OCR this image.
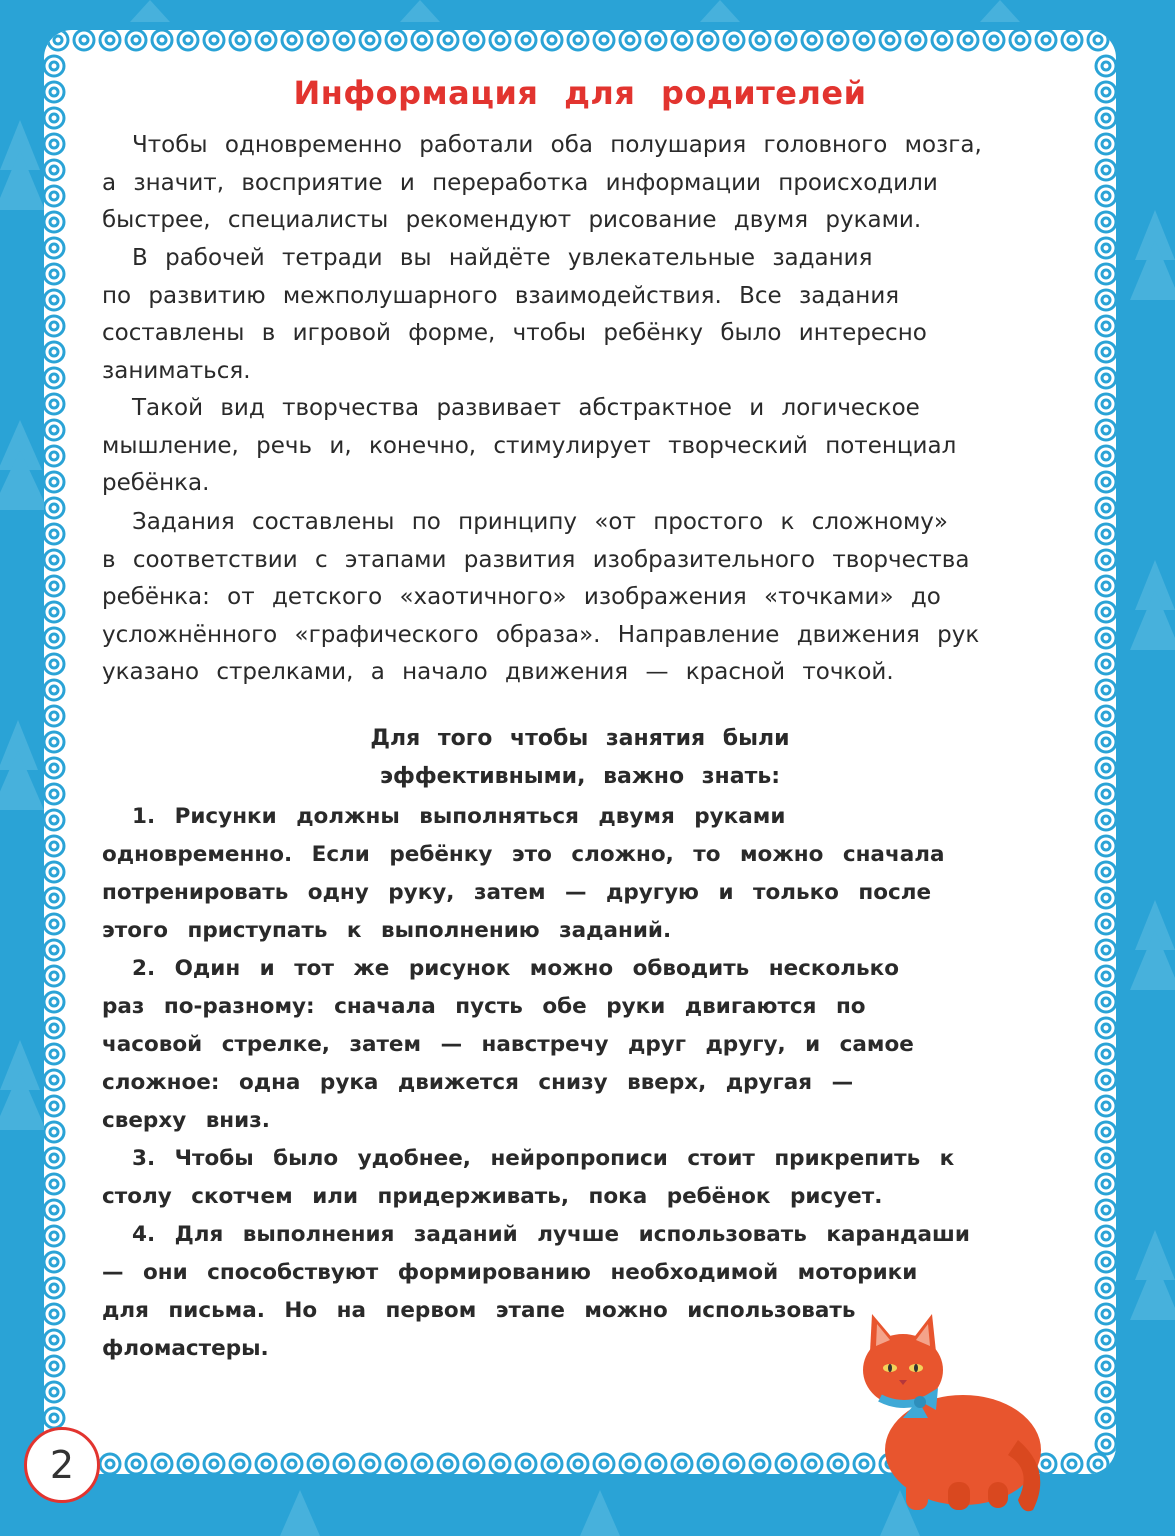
Информация для родителей
Чтобы одновременно работали оба полушария головного мозга,
а значит, восприятие и переработка информации происходили
быстрее, специалисты рекомендуют рисование двумя руками.
В рабочей тетради вы найдёте увлекательные задания
по развитию межполушарного взаимодействия. Все задания
составлены в игровой форме, чтобы ребёнку было интересно
заниматься.
Такой вид творчества развивает абстрактное и логическое
мышление, речь и, конечно, стимулирует творческий потенциал
ребёнка.
Задания составлены по принципу «от простого к сложному»
в соответствии с этапами развития изобразительного творчества
ребёнка: от детского «хаотичного» изображения «точками» до
усложнённого «графического образа». Направление движения рук
указано стрелками, а начало движения — красной точкой.
Для того чтобы занятия были
эффективными, важно знать:
1. Рисунки должны выполняться двумя руками
одновременно. Если ребёнку это сложно, то можно сначала
потренировать одну руку, затем — другую и только после
этого приступать к выполнению заданий.
2. Один и тот же рисунок можно обводить несколько
раз по-разному: сначала пусть обе руки двигаются по
часовой стрелке, затем — навстречу друг другу, и самое
сложное: одна рука движется снизу вверх, другая —
сверху вниз.
3. Чтобы было удобнее, нейропрописи стоит прикрепить к
столу скотчем или придерживать, пока ребёнок рисует.
4. Для выполнения заданий лучше использовать карандаши
— они способствуют формированию необходимой моторики
для письма. Но на первом этапе можно использовать
фломастеры.
2
